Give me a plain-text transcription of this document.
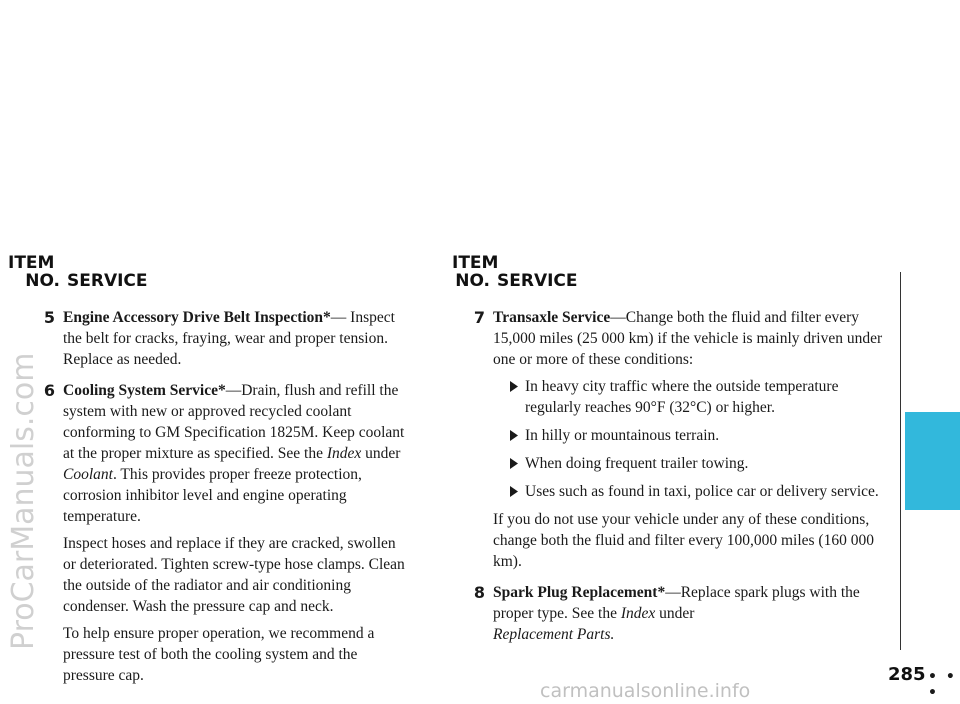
ProCarManuals.com
ITEM
NO. SERVICE
5 Engine Accessory Drive Belt Inspection*— Inspect the belt for cracks, fraying, wear and proper tension. Replace as needed.

6 Cooling System Service*—Drain, flush and refill the system with new or approved recycled coolant conforming to GM Specification 1825M. Keep coolant at the proper mixture as specified. See the Index under Coolant. This provides proper freeze protection, corrosion inhibitor level and engine operating temperature.

Inspect hoses and replace if they are cracked, swollen or deteriorated. Tighten screw-type hose clamps. Clean the outside of the radiator and air conditioning condenser. Wash the pressure cap and neck.

To help ensure proper operation, we recommend a pressure test of both the cooling system and the pressure cap.

ITEM
NO. SERVICE
7 Transaxle Service—Change both the fluid and filter every 15,000 miles (25 000 km) if the vehicle is mainly driven under one or more of these conditions:

In heavy city traffic where the outside temperature regularly reaches 90°F (32°C) or higher.
In hilly or mountainous terrain.
When doing frequent trailer towing.
Uses such as found in taxi, police car or delivery service.

If you do not use your vehicle under any of these conditions, change both the fluid and filter every 100,000 miles (160 000 km).

8 Spark Plug Replacement*—Replace spark plugs with the proper type. See the Index under
Replacement Parts.

285 • • •
carmanualsonline.info
